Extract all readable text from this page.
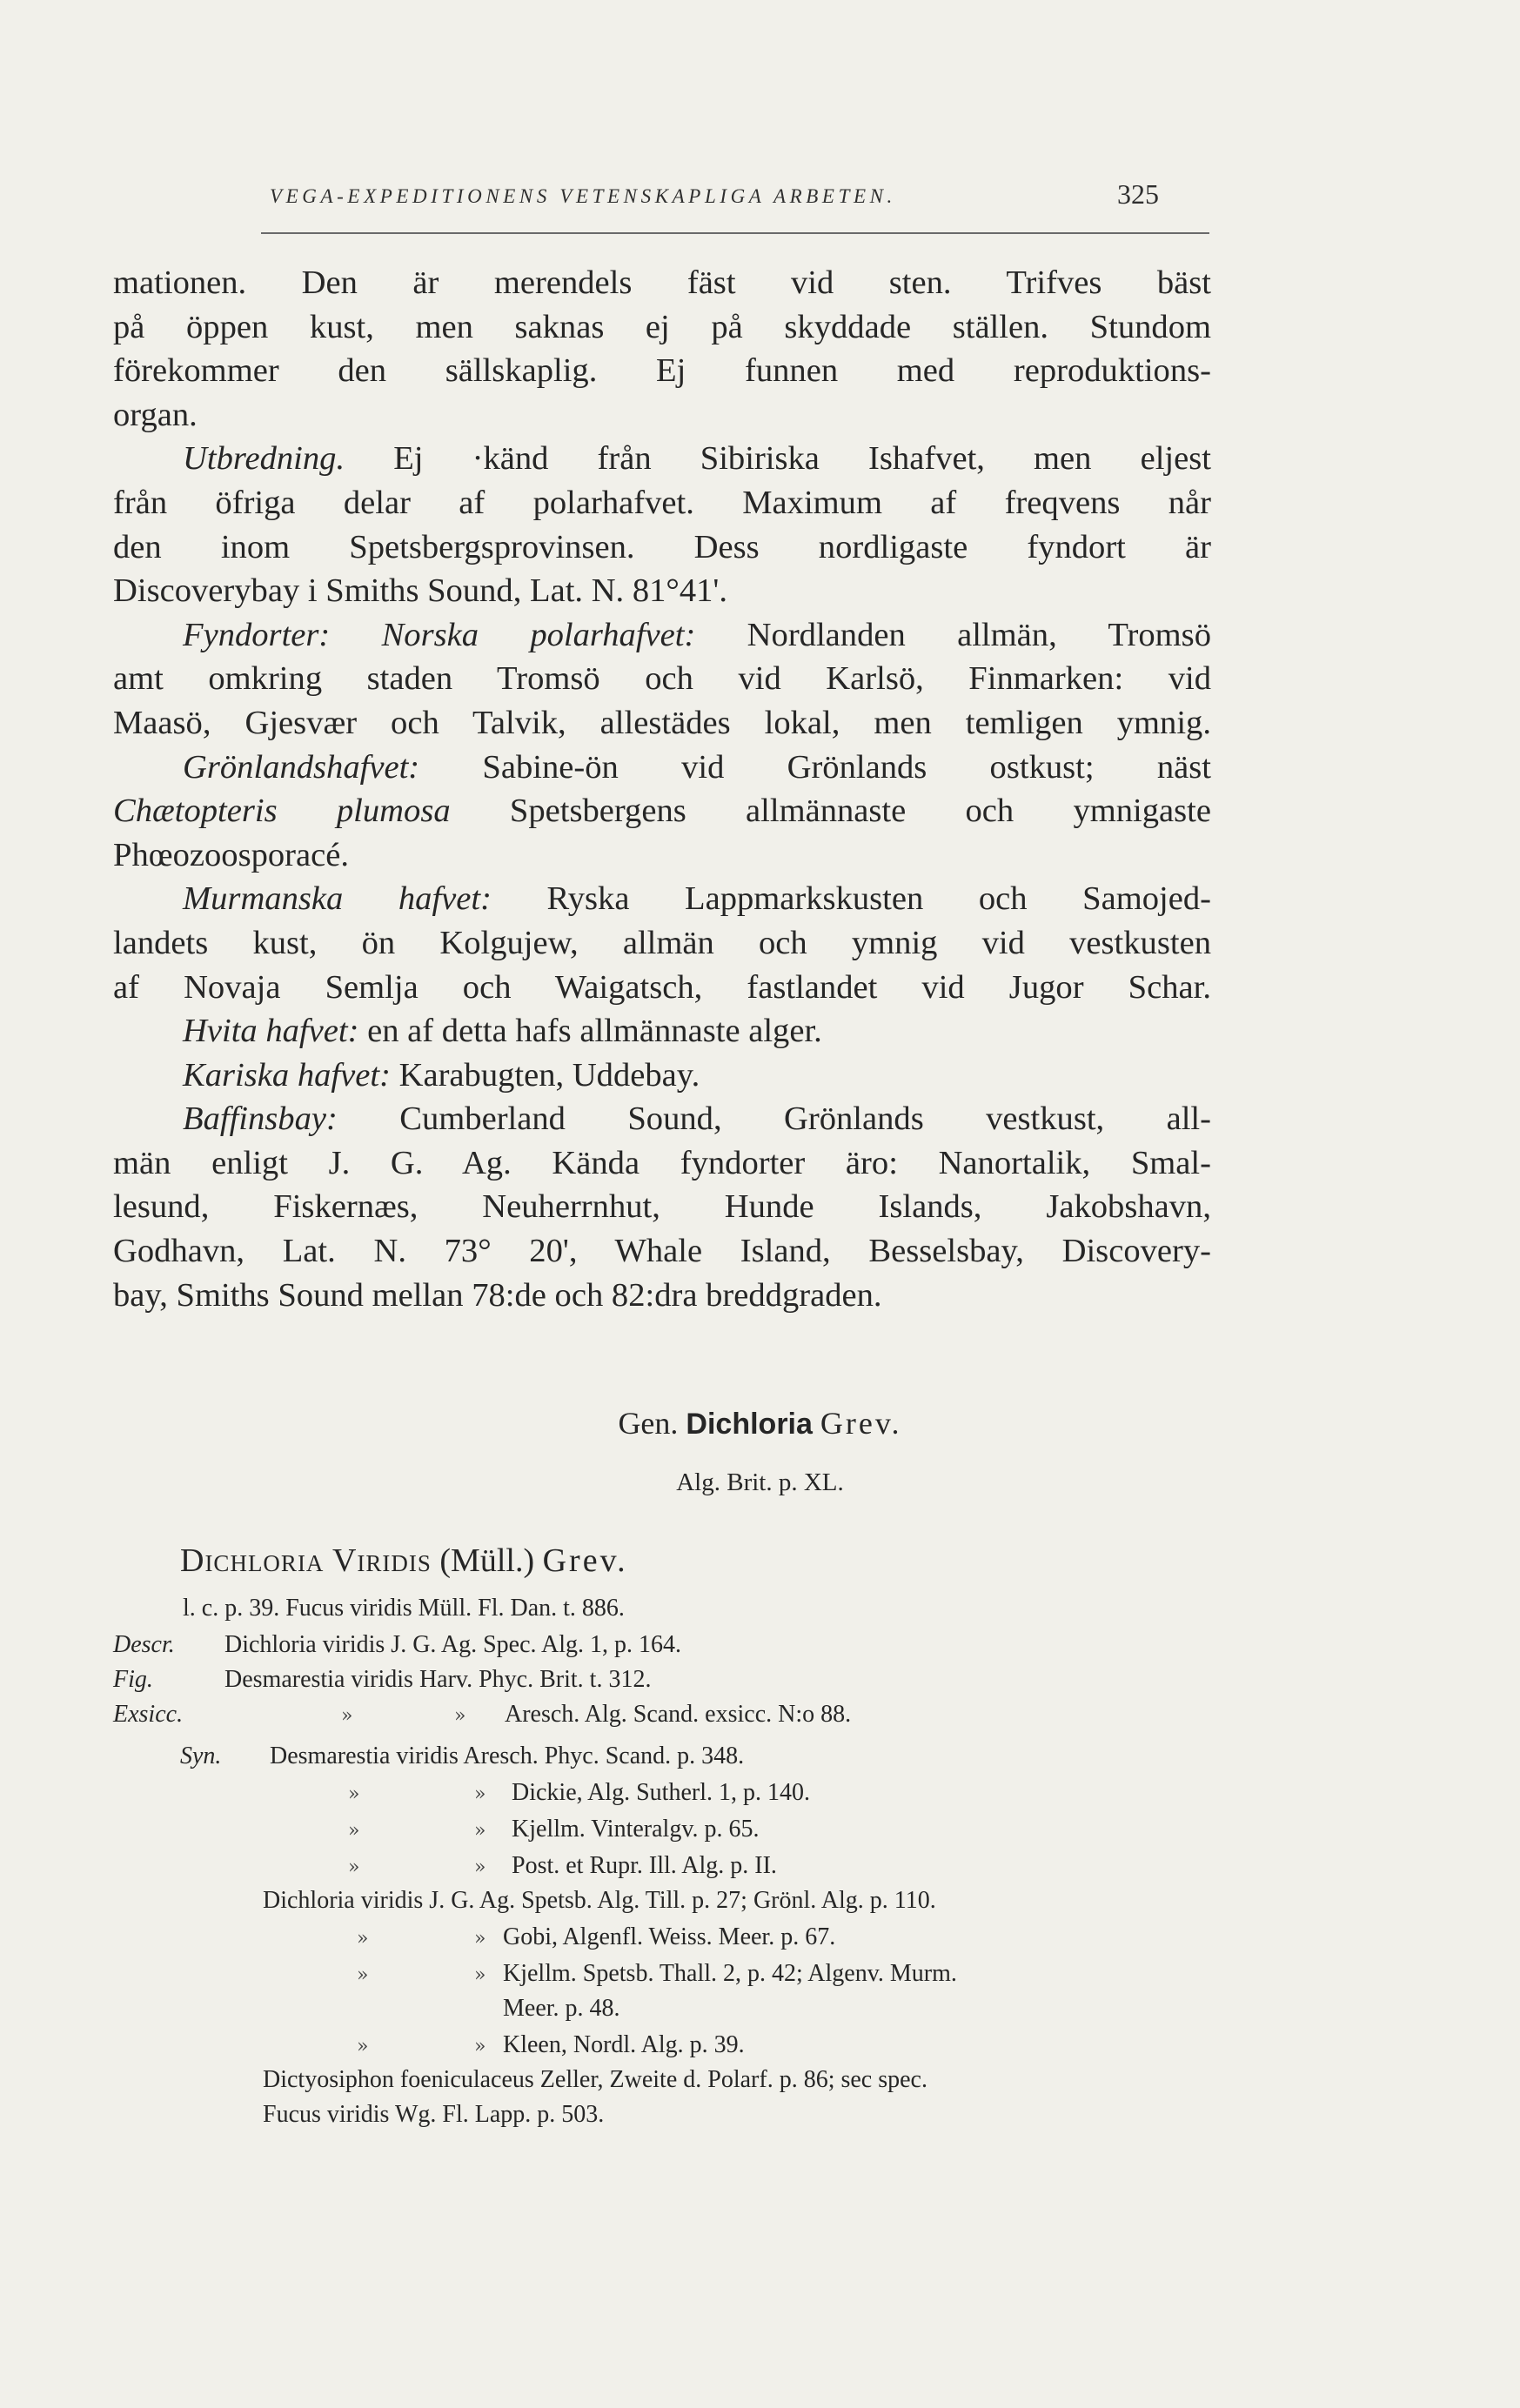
VEGA-EXPEDITIONENS VETENSKAPLIGA ARBETEN.	325
mationen. Den är merendels fäst vid sten. Trifves bäst
på öppen kust, men saknas ej på skyddade ställen. Stundom
förekommer den sällskaplig. Ej funnen med reproduktions-
organ.
Utbredning. Ej ·känd från Sibiriska Ishafvet, men eljest
från öfriga delar af polarhafvet. Maximum af freqvens når
den inom Spetsbergsprovinsen. Dess nordligaste fyndort är
Discoverybay i Smiths Sound, Lat. N. 81°41'.
Fyndorter: Norska polarhafvet: Nordlanden allmän, Tromsö
amt omkring staden Tromsö och vid Karlsö, Finmarken: vid
Maasö, Gjesvær och Talvik, allestädes lokal, men temligen ymnig.
Grönlandshafvet: Sabine-ön vid Grönlands ostkust; näst
Chætopteris plumosa Spetsbergens allmännaste och ymnigaste
Phœozoosporacé.
Murmanska hafvet: Ryska Lappmarkskusten och Samojed-
landets kust, ön Kolgujew, allmän och ymnig vid vestkusten
af Novaja Semlja och Waigatsch, fastlandet vid Jugor Schar.
Hvita hafvet: en af detta hafs allmännaste alger.
Kariska hafvet: Karabugten, Uddebay.
Baffinsbay: Cumberland Sound, Grönlands vestkust, all-
män enligt J. G. Ag. Kända fyndorter äro: Nanortalik, Smal-
lesund, Fiskernæs, Neuherrnhut, Hunde Islands, Jakobshavn,
Godhavn, Lat. N. 73° 20', Whale Island, Besselsbay, Discovery-
bay, Smiths Sound mellan 78:de och 82:dra breddgraden.
Gen. Dichloria Grev.
Alg. Brit. p. XL.
Dichloria Viridis (Müll.) Grev.
l. c. p. 39. Fucus viridis Müll. Fl. Dan. t. 886.
Descr. Dichloria viridis J. G. Ag. Spec. Alg. 1, p. 164.
Fig.	Desmarestia viridis Harv. Phyc. Brit. t. 312.
Exsicc.	»	» Aresch. Alg. Scand. exsicc. N:o 88.
Syn. Desmarestia viridis Aresch. Phyc. Scand. p. 348.
»	» Dickie, Alg. Sutherl. 1, p. 140.
»	» Kjellm. Vinteralgv. p. 65.
»	» Post. et Rupr. Ill. Alg. p. II.
Dichloria viridis J. G. Ag. Spetsb. Alg. Till. p. 27; Grönl. Alg. p. 110.
»	» Gobi, Algenfl. Weiss. Meer. p. 67.
»	» Kjellm. Spetsb. Thall. 2, p. 42; Algenv. Murm.
Meer. p. 48.
»	» Kleen, Nordl. Alg. p. 39.
Dictyosiphon foeniculaceus Zeller, Zweite d. Polarf. p. 86; sec spec.
Fucus viridis Wg. Fl. Lapp. p. 503.
